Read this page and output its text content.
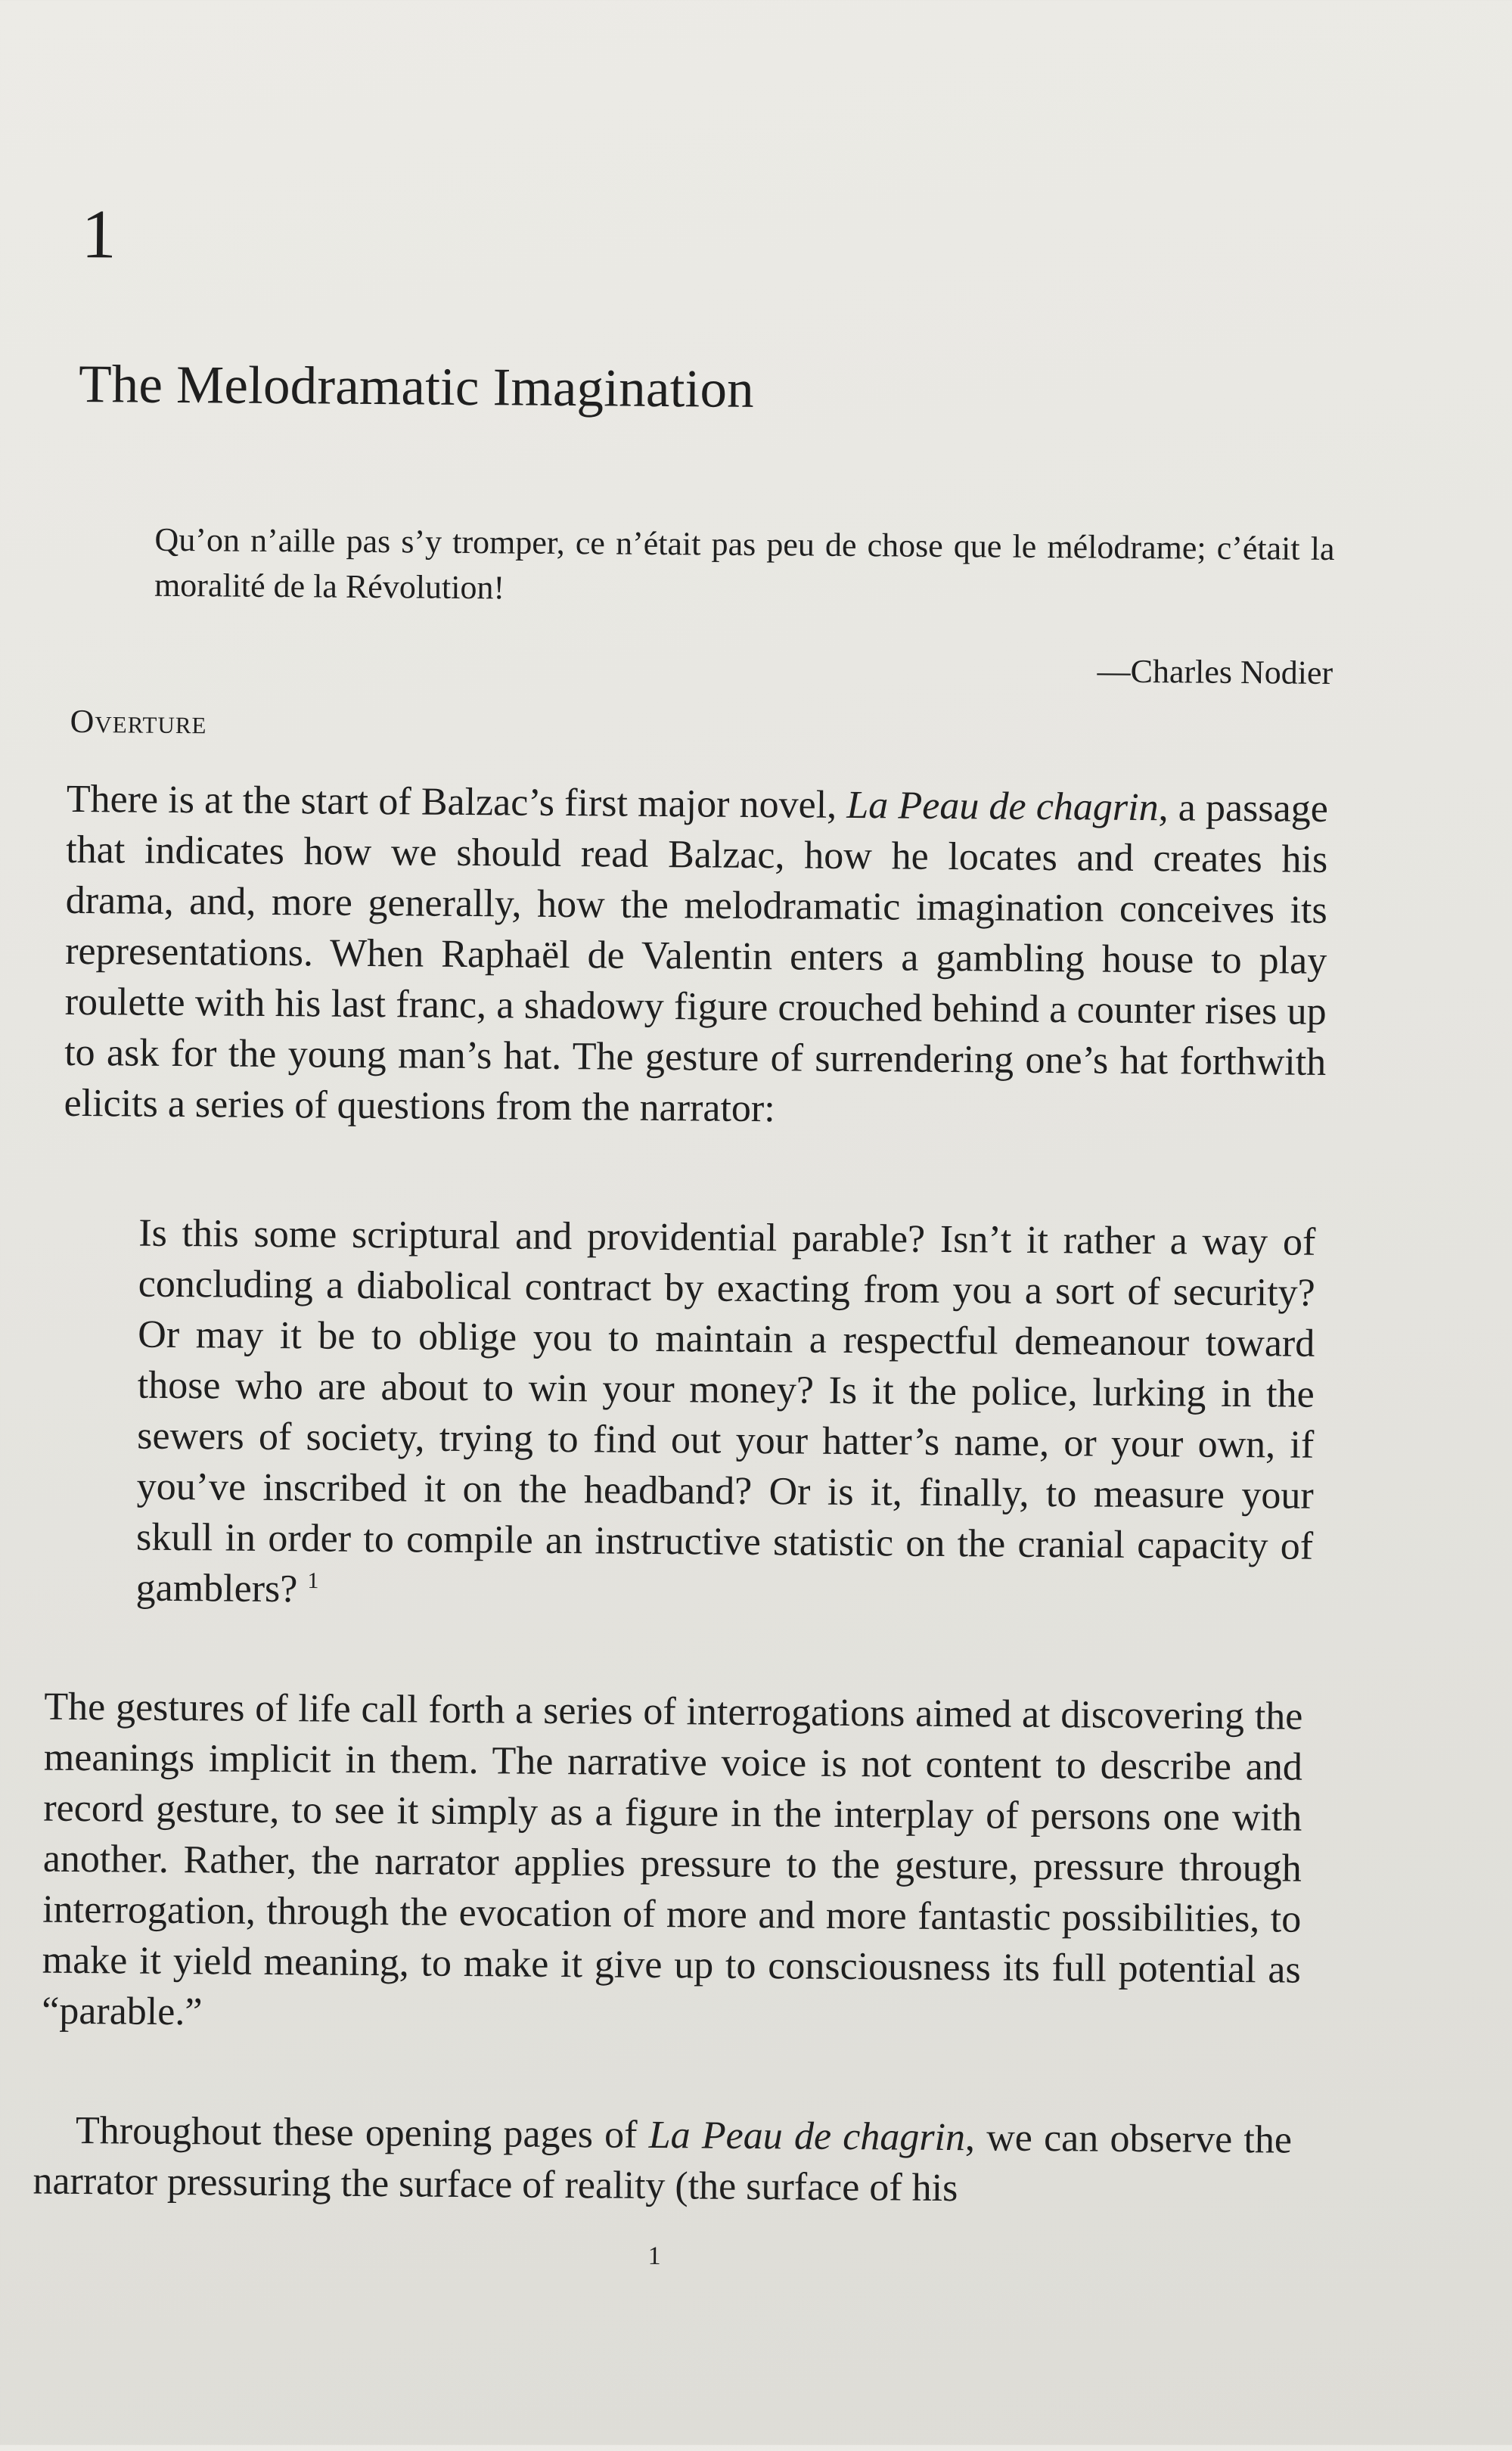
1
The Melodramatic Imagination

Qu’on n’aille pas s’y tromper, ce n’était pas peu de chose que le mélodrame; c’était la moralité de la Révolution!

—Charles Nodier

Overture

There is at the start of Balzac’s first major novel, La Peau de chagrin, a passage that indicates how we should read Balzac, how he locates and creates his drama, and, more generally, how the melodramatic imagination conceives its representations. When Raphaël de Valentin enters a gambling house to play roulette with his last franc, a shadowy figure crouched behind a counter rises up to ask for the young man’s hat. The gesture of surrendering one’s hat forthwith elicits a series of questions from the narrator:

Is this some scriptural and providential parable? Isn’t it rather a way of concluding a diabolical contract by exacting from you a sort of security? Or may it be to oblige you to maintain a respectful demeanour toward those who are about to win your money? Is it the police, lurking in the sewers of society, trying to find out your hatter’s name, or your own, if you’ve inscribed it on the headband? Or is it, finally, to measure your skull in order to compile an instructive statistic on the cranial capacity of gamblers? $^1$

The gestures of life call forth a series of interrogations aimed at discovering the meanings implicit in them. The narrative voice is not content to describe and record gesture, to see it simply as a figure in the interplay of persons one with another. Rather, the narrator applies pressure to the gesture, pressure through interrogation, through the evocation of more and more fantastic possibilities, to make it yield meaning, to make it give up to consciousness its full potential as “parable.”

Throughout these opening pages of La Peau de chagrin, we can observe the narrator pressuring the surface of reality (the surface of his

1
